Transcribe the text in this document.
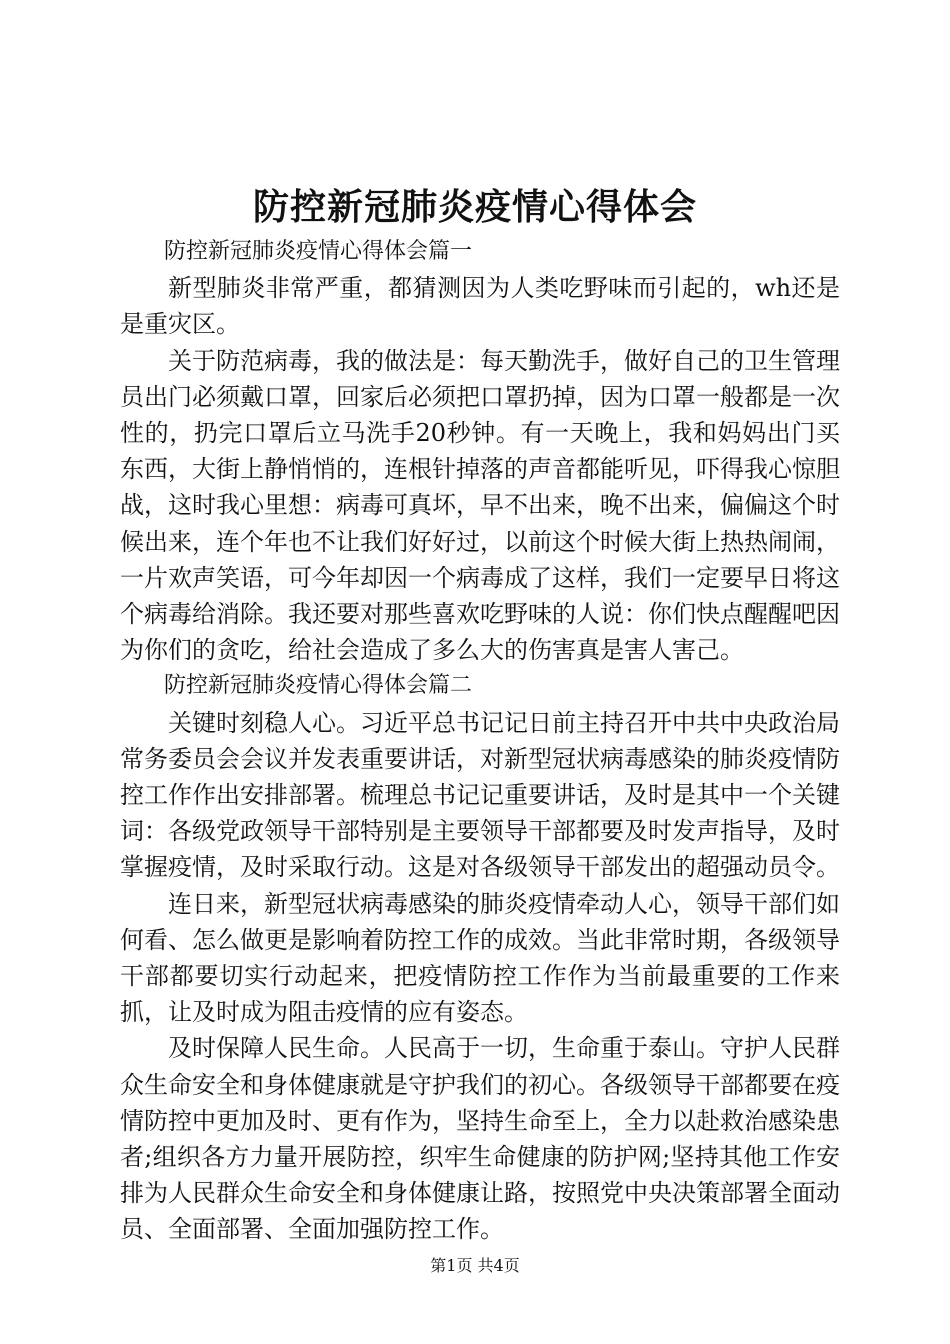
防控新冠肺炎疫情心得体会

防控新冠肺炎疫情心得体会篇一

新型肺炎非常严重，都猜测因为人类吃野味而引起的，wh还是是重灾区。

关于防范病毒，我的做法是：每天勤洗手，做好自己的卫生管理员出门必须戴口罩，回家后必须把口罩扔掉，因为口罩一般都是一次性的，扔完口罩后立马洗手20秒钟。有一天晚上，我和妈妈出门买东西，大街上静悄悄的，连根针掉落的声音都能听见，吓得我心惊胆战，这时我心里想：病毒可真坏，早不出来，晚不出来，偏偏这个时候出来，连个年也不让我们好好过，以前这个时候大街上热热闹闹，一片欢声笑语，可今年却因一个病毒成了这样，我们一定要早日将这个病毒给消除。我还要对那些喜欢吃野味的人说：你们快点醒醒吧因为你们的贪吃，给社会造成了多么大的伤害真是害人害己。

防控新冠肺炎疫情心得体会篇二

关键时刻稳人心。习近平总书记记日前主持召开中共中央政治局常务委员会会议并发表重要讲话，对新型冠状病毒感染的肺炎疫情防控工作作出安排部署。梳理总书记记重要讲话，及时是其中一个关键词：各级党政领导干部特别是主要领导干部都要及时发声指导，及时掌握疫情，及时采取行动。这是对各级领导干部发出的超强动员令。

连日来，新型冠状病毒感染的肺炎疫情牵动人心，领导干部们如何看、怎么做更是影响着防控工作的成效。当此非常时期，各级领导干部都要切实行动起来，把疫情防控工作作为当前最重要的工作来抓，让及时成为阻击疫情的应有姿态。

及时保障人民生命。人民高于一切，生命重于泰山。守护人民群众生命安全和身体健康就是守护我们的初心。各级领导干部都要在疫情防控中更加及时、更有作为，坚持生命至上，全力以赴救治感染患者;组织各方力量开展防控，织牢生命健康的防护网;坚持其他工作安排为人民群众生命安全和身体健康让路，按照党中央决策部署全面动员、全面部署、全面加强防控工作。

第1页 共4页
